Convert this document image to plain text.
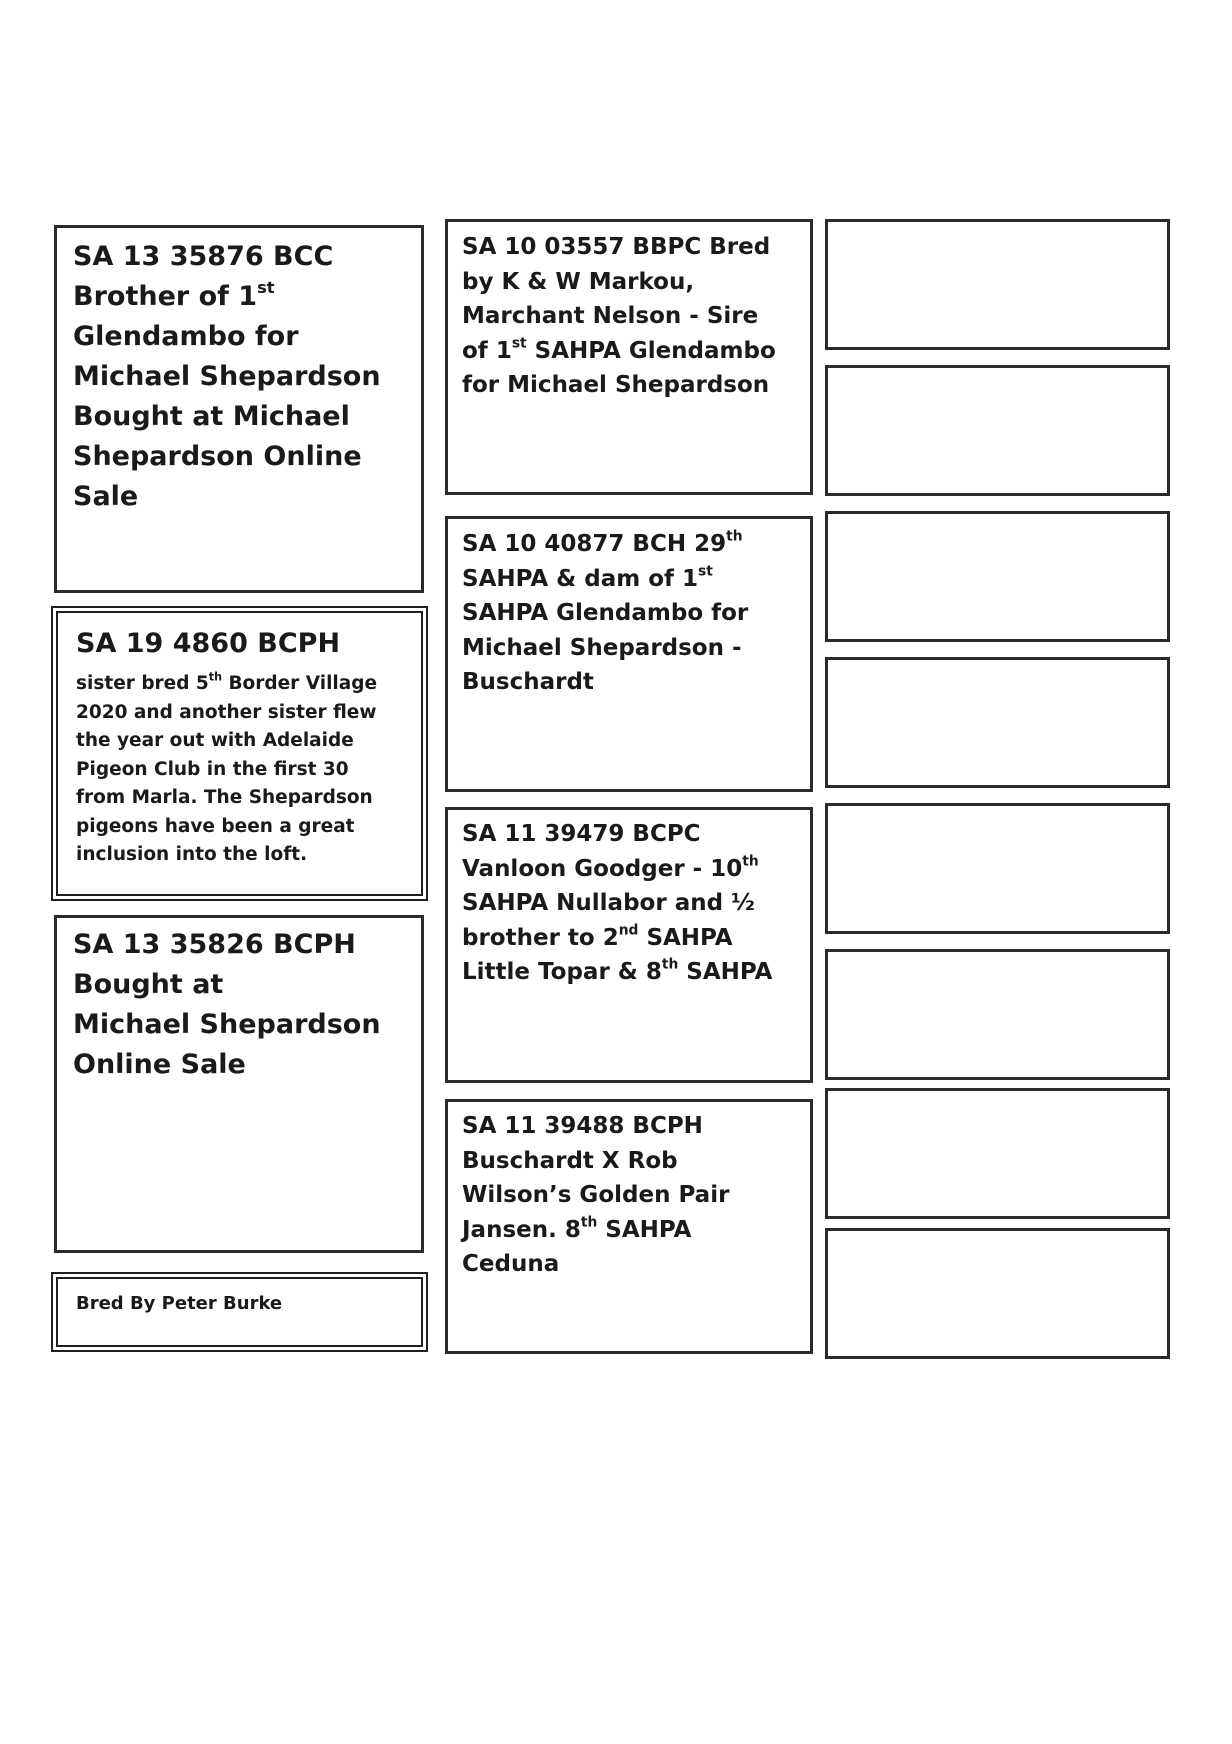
SA 13 35876 BCC
Brother of 1st
Glendambo for
Michael Shepardson
Bought at Michael
Shepardson Online
Sale
SA 19 4860 BCPH
sister bred 5th Border Village
2020 and another sister flew
the year out with Adelaide
Pigeon Club in the first 30
from Marla. The Shepardson
pigeons have been a great
inclusion into the loft.
SA 13 35826 BCPH
Bought at
Michael Shepardson
Online Sale
Bred By Peter Burke
SA 10 03557 BBPC Bred
by K & W Markou,
Marchant Nelson - Sire
of 1st SAHPA Glendambo
for Michael Shepardson
SA 10 40877 BCH 29th
SAHPA & dam of 1st
SAHPA Glendambo for
Michael Shepardson -
Buschardt
SA 11 39479 BCPC
Vanloon Goodger - 10th
SAHPA Nullabor and ½
brother to 2nd SAHPA
Little Topar & 8th SAHPA
SA 11 39488 BCPH
Buschardt X Rob
Wilson’s Golden Pair
Jansen. 8th SAHPA
Ceduna
